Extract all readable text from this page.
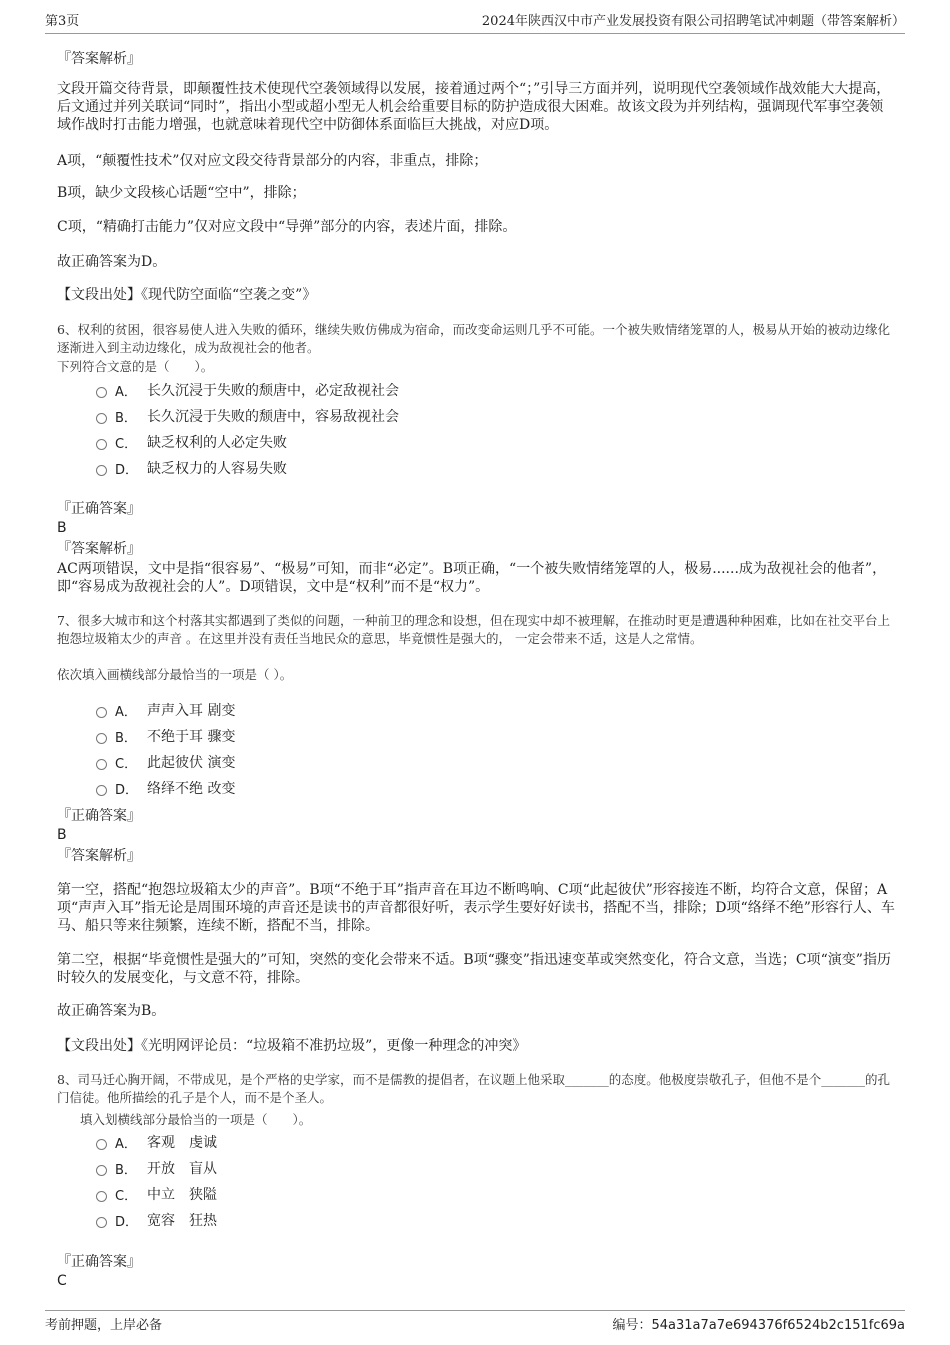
第3页	2024年陕西汉中市产业发展投资有限公司招聘笔试冲刺题（带答案解析）
『答案解析』
文段开篇交待背景，即颠覆性技术使现代空袭领域得以发展，接着通过两个“；”引导三方面并列，说明现代空袭领域作战效能大大提高，后文通过并列关联词“同时”，指出小型或超小型无人机会给重要目标的防护造成很大困难。故该文段为并列结构，强调现代军事空袭领域作战时打击能力增强，也就意味着现代空中防御体系面临巨大挑战，对应D项。
A项，“颠覆性技术”仅对应文段交待背景部分的内容，非重点，排除；
B项，缺少文段核心话题“空中”，排除；
C项，“精确打击能力”仅对应文段中“导弹”部分的内容，表述片面，排除。
故正确答案为D。
【文段出处】《现代防空面临“空袭之变”》
6、权利的贫困，很容易使人进入失败的循环，继续失败仿佛成为宿命，而改变命运则几乎不可能。一个被失败情绪笼罩的人，极易从开始的被动边缘化逐渐进入到主动边缘化，成为敌视社会的他者。
下列符合文意的是（　　）。
A． 长久沉浸于失败的颓唐中，必定敌视社会
B． 长久沉浸于失败的颓唐中，容易敌视社会
C． 缺乏权利的人必定失败
D． 缺乏权力的人容易失败
『正确答案』
B
『答案解析』
AC两项错误，文中是指“很容易”、“极易”可知，而非“必定”。B项正确，“一个被失败情绪笼罩的人，极易......成为敌视社会的他者”，即“容易成为敌视社会的人”。D项错误，文中是“权利”而不是“权力”。
7、很多大城市和这个村落其实都遇到了类似的问题，一种前卫的理念和设想，但在现实中却不被理解，在推动时更是遭遇种种困难，比如在社交平台上抱怨垃圾箱太少的声音 。在这里并没有责任当地民众的意思，毕竟惯性是强大的， 一定会带来不适，这是人之常情。
依次填入画横线部分最恰当的一项是（ ）。
A． 声声入耳 剧变
B． 不绝于耳 骤变
C． 此起彼伏 演变
D． 络绎不绝 改变
『正确答案』
B
『答案解析』
第一空，搭配“抱怨垃圾箱太少的声音”。B项“不绝于耳”指声音在耳边不断鸣响、C项“此起彼伏”形容接连不断，均符合文意，保留；A项“声声入耳”指无论是周围环境的声音还是读书的声音都很好听，表示学生要好好读书，搭配不当，排除；D项“络绎不绝”形容行人、车马、船只等来往频繁，连续不断，搭配不当，排除。
第二空，根据“毕竟惯性是强大的”可知，突然的变化会带来不适。B项“骤变”指迅速变革或突然变化，符合文意，当选；C项“演变”指历时较久的发展变化，与文意不符，排除。
故正确答案为B。
【文段出处】《光明网评论员：“垃圾箱不准扔垃圾”，更像一种理念的冲突》
8、司马迁心胸开阔，不带成见，是个严格的史学家，而不是儒教的提倡者，在议题上他采取_______的态度。他极度崇敬孔子，但他不是个_______的孔门信徒。他所描绘的孔子是个人，而不是个圣人。
填入划横线部分最恰当的一项是（　　）。
A． 客观　虔诚
B． 开放　盲从
C． 中立　狭隘
D． 宽容　狂热
『正确答案』
C
考前押题，上岸必备	编号：54a31a7a7e694376f6524b2c151fc69a
